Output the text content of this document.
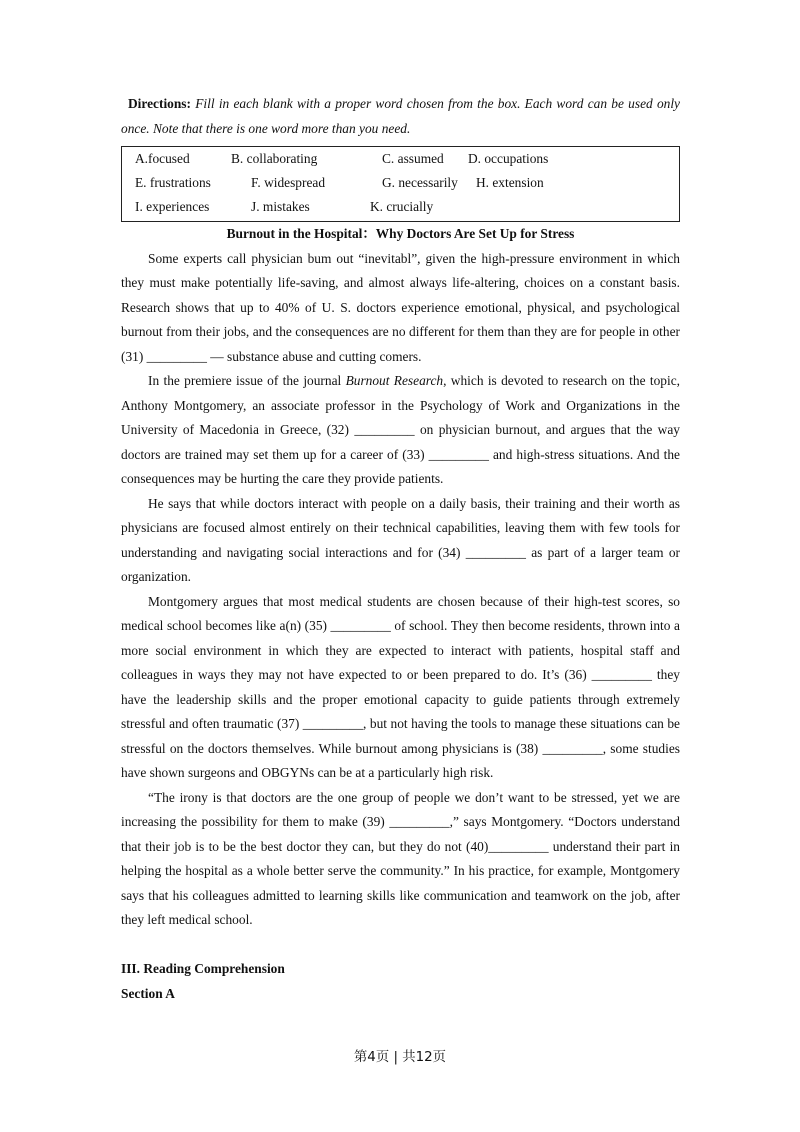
Directions: Fill in each blank with a proper word chosen from the box. Each word can be used only once. Note that there is one word more than you need.

A.focused	B. collaborating	C. assumed D. occupations
E. frustrations	F. widespread	G. necessarily H. extension
I. experiences	J. mistakes	K. crucially

Burnout in the Hospital：Why Doctors Are Set Up for Stress

Some experts call physician bum out “inevitabl”, given the high-pressure environment in which they must make potentially life-saving, and almost always life-altering, choices on a constant basis. Research shows that up to 40% of U. S. doctors experience emotional, physical, and psychological burnout from their jobs, and the consequences are no different for them than they are for people in other (31) _________ — substance abuse and cutting comers.

In the premiere issue of the journal Burnout Research, which is devoted to research on the topic, Anthony Montgomery, an associate professor in the Psychology of Work and Organizations in the University of Macedonia in Greece, (32) _________ on physician burnout, and argues that the way doctors are trained may set them up for a career of (33) _________ and high-stress situations. And the consequences may be hurting the care they provide patients.

He says that while doctors interact with people on a daily basis, their training and their worth as physicians are focused almost entirely on their technical capabilities, leaving them with few tools for understanding and navigating social interactions and for (34) _________ as part of a larger team or organization.

Montgomery argues that most medical students are chosen because of their high-test scores, so medical school becomes like a(n) (35) _________ of school. They then become residents, thrown into a more social environment in which they are expected to interact with patients, hospital staff and colleagues in ways they may not have expected to or been prepared to do. It’s (36) _________ they have the leadership skills and the proper emotional capacity to guide patients through extremely stressful and often traumatic (37) _________, but not having the tools to manage these situations can be stressful on the doctors themselves. While burnout among physicians is (38) _________, some studies have shown surgeons and OBGYNs can be at a particularly high risk.

“The irony is that doctors are the one group of people we don’t want to be stressed, yet we are increasing the possibility for them to make (39) _________,” says Montgomery. “Doctors understand that their job is to be the best doctor they can, but they do not (40)_________ understand their part in helping the hospital as a whole better serve the community.” In his practice, for example, Montgomery says that his colleagues admitted to learning skills like communication and teamwork on the job, after they left medical school.

III. Reading Comprehension

Section A

第4页 | 共12页
